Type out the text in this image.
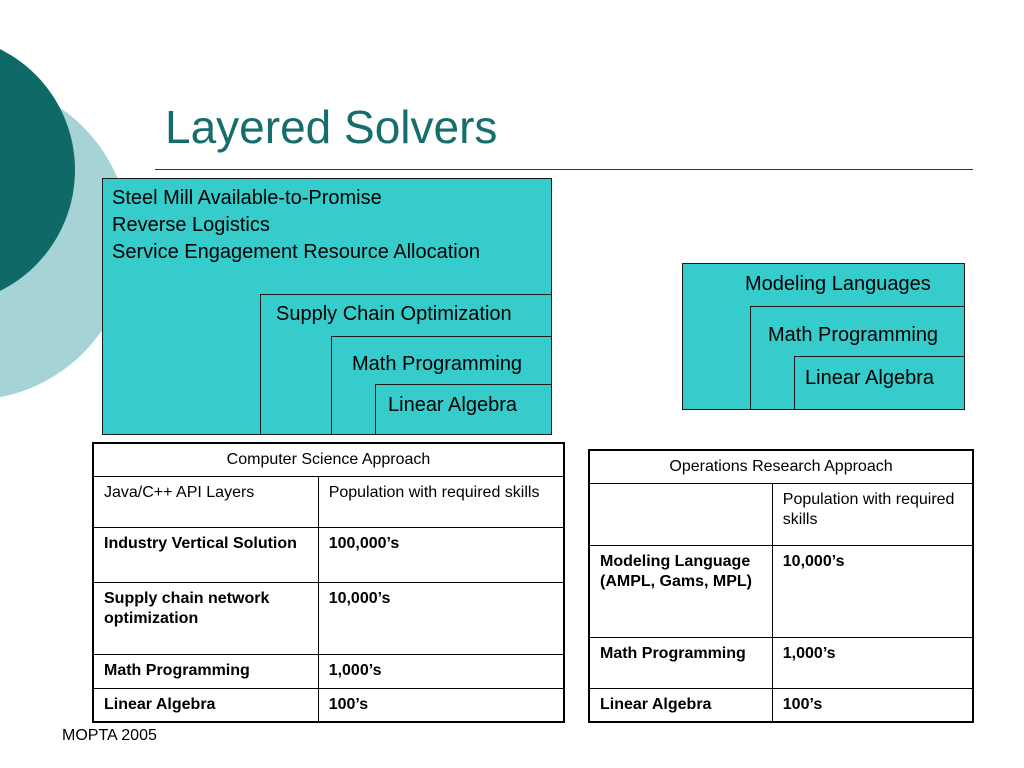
Layered Solvers
Steel Mill Available-to-Promise
Reverse Logistics
Service Engagement Resource Allocation
Supply Chain Optimization
Math Programming
Linear Algebra
Modeling Languages
Math Programming
Linear Algebra
Computer Science Approach	
Java/C++ API Layers	Population with required skills
Industry Vertical Solution	100,000’s
Supply chain network optimization	10,000’s
Math Programming	1,000’s
Linear Algebra	100’s
Operations Research Approach	
	Population with required skills
Modeling Language (AMPL, Gams, MPL)	10,000’s
Math Programming	1,000’s
Linear Algebra	100’s
MOPTA 2005
